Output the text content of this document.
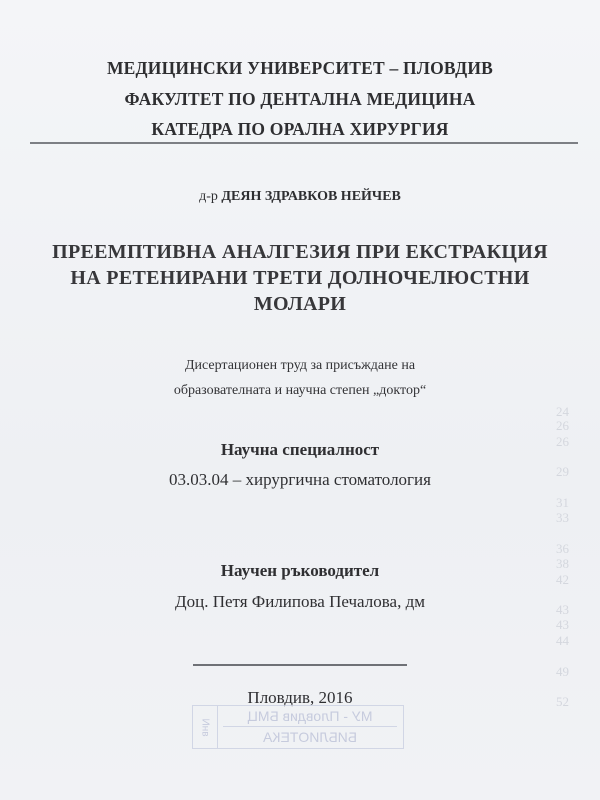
24
26
26
29
31
33
36
38
42
43
43
44
49
52
МЕДИЦИНСКИ УНИВЕРСИТЕТ – ПЛОВДИВ
ФАКУЛТЕТ ПО ДЕНТАЛНА МЕДИЦИНА
КАТЕДРА ПО ОРАЛНА ХИРУРГИЯ
д-р ДЕЯН ЗДРАВКОВ НЕЙЧЕВ
ПРЕЕМПТИВНА АНАЛГЕЗИЯ ПРИ ЕКСТРАКЦИЯ
НА РЕТЕНИРАНИ ТРЕТИ ДОЛНОЧЕЛЮСТНИ
МОЛАРИ
Дисертационен труд за присъждане на
образователната и научна степен „доктор“
Научна специалност
03.03.04 – хирургична стоматология
Научен ръководител
Доц. Петя Филипова Печалова, дм
Пловдив, 2016
Инв
МУ - Пловдив БМЦ
БИБЛИОТЕКА
